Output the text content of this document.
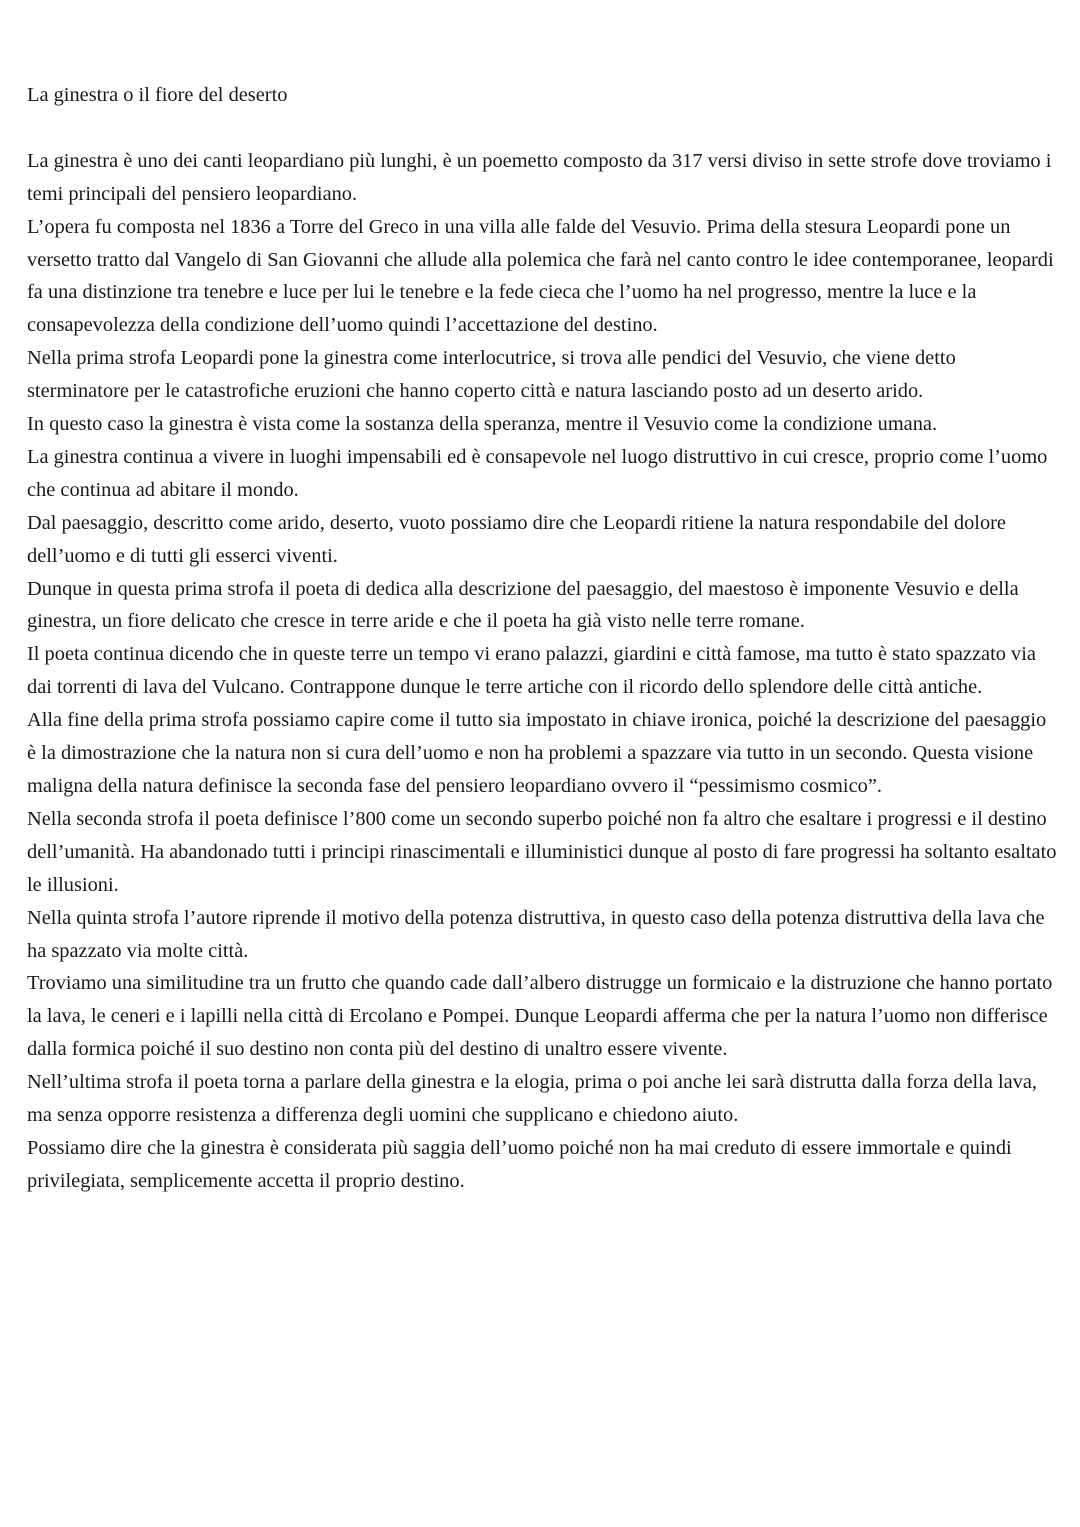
La ginestra o il fiore del deserto

La ginestra è uno dei canti leopardiano più lunghi, è un poemetto composto da 317 versi diviso in sette strofe dove troviamo i temi principali del pensiero leopardiano.

L’opera fu composta nel 1836 a Torre del Greco in una villa alle falde del Vesuvio. Prima della stesura Leopardi pone un versetto tratto dal Vangelo di San Giovanni che allude alla polemica che farà nel canto contro le idee contemporanee, leopardi fa una distinzione tra tenebre e luce per lui le tenebre e la fede cieca che l’uomo ha nel progresso, mentre la luce e la consapevolezza della condizione dell’uomo quindi l’accettazione del destino.

Nella prima strofa Leopardi pone la ginestra come interlocutrice, si trova alle pendici del Vesuvio, che viene detto sterminatore per le catastrofiche eruzioni che hanno coperto città e natura lasciando posto ad un deserto arido.

In questo caso la ginestra è vista come la sostanza della speranza, mentre il Vesuvio come la condizione umana.

La ginestra continua a vivere in luoghi impensabili ed è consapevole nel luogo distruttivo in cui cresce, proprio come l’uomo che continua ad abitare il mondo.

Dal paesaggio, descritto come arido, deserto, vuoto possiamo dire che Leopardi ritiene la natura respondabile del dolore dell’uomo e di tutti gli esserci viventi.

Dunque in questa prima strofa il poeta di dedica alla descrizione del paesaggio, del maestoso è imponente Vesuvio e della ginestra, un fiore delicato che cresce in terre aride e che il poeta ha già visto nelle terre romane.

Il poeta continua dicendo che in queste terre un tempo vi erano palazzi, giardini e città famose, ma tutto è stato spazzato via dai torrenti di lava del Vulcano. Contrappone dunque le terre artiche con il ricordo dello splendore delle città antiche.

Alla fine della prima strofa possiamo capire come il tutto sia impostato in chiave ironica, poiché la descrizione del paesaggio è la dimostrazione che la natura non si cura dell’uomo e non ha problemi a spazzare via tutto in un secondo. Questa visione maligna della natura definisce la seconda fase del pensiero leopardiano ovvero il “pessimismo cosmico”.

Nella seconda strofa il poeta definisce l’800 come un secondo superbo poiché non fa altro che esaltare i progressi e il destino dell’umanità. Ha abandonado tutti i principi rinascimentali e illuministici dunque al posto di fare progressi ha soltanto esaltato le illusioni.

Nella quinta strofa l’autore riprende il motivo della potenza distruttiva, in questo caso della potenza distruttiva della lava che ha spazzato via molte città.

Troviamo una similitudine tra un frutto che quando cade dall’albero distrugge un formicaio e la distruzione che hanno portato la lava, le ceneri e i lapilli nella città di Ercolano e Pompei. Dunque Leopardi afferma che per la natura l’uomo non differisce dalla formica poiché il suo destino non conta più del destino di unaltro essere vivente.

Nell’ultima strofa il poeta torna a parlare della ginestra e la elogia, prima o poi anche lei sarà distrutta dalla forza della lava, ma senza opporre resistenza a differenza degli uomini che supplicano e chiedono aiuto.

Possiamo dire che la ginestra è considerata più saggia dell’uomo poiché non ha mai creduto di essere immortale e quindi privilegiata, semplicemente accetta il proprio destino.
